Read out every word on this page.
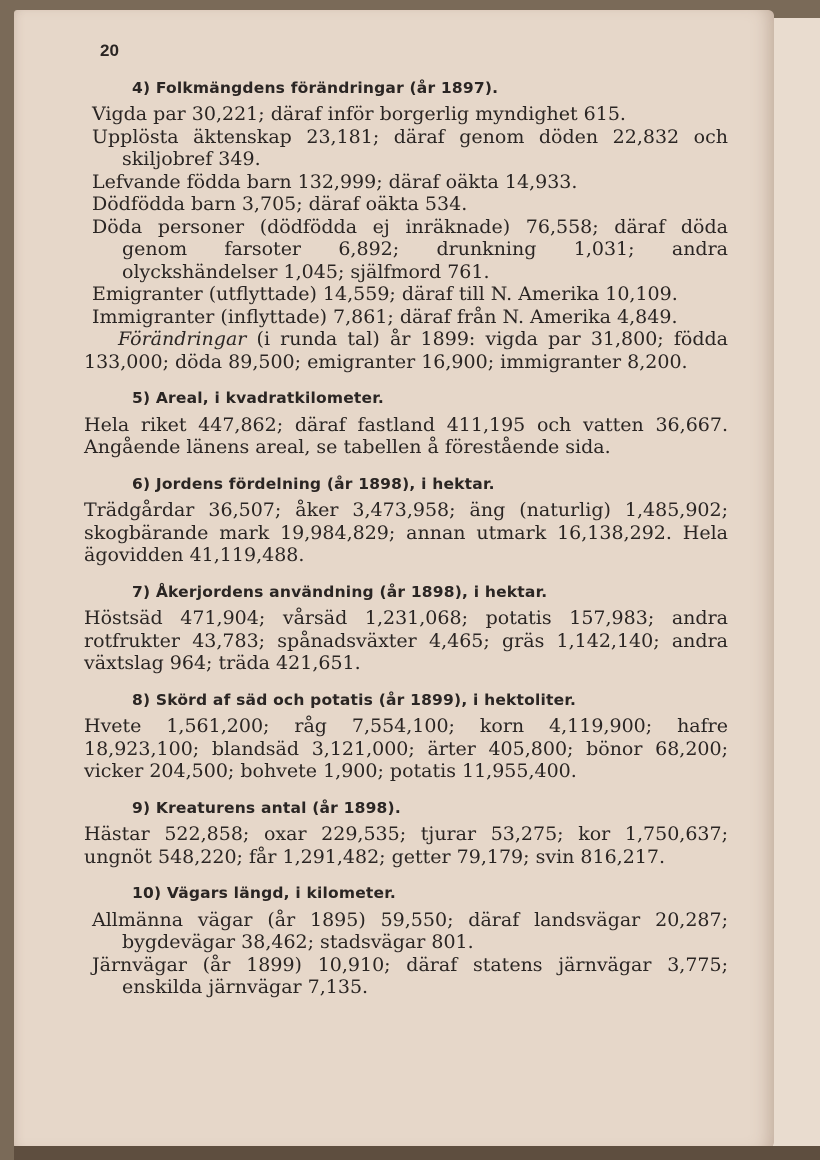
20
4) Folkmängdens förändringar (år 1897).
Vigda par 30,221; däraf inför borgerlig myndighet 615.
Upplösta äktenskap 23,181; däraf genom döden 22,832 och skiljobref 349.
Lefvande födda barn 132,999; däraf oäkta 14,933.
Dödfödda barn 3,705; däraf oäkta 534.
Döda personer (dödfödda ej inräknade) 76,558; däraf döda genom farsoter 6,892; drunkning 1,031; andra olyckshändelser 1,045; själfmord 761.
Emigranter (utflyttade) 14,559; däraf till N. Amerika 10,109.
Immigranter (inflyttade) 7,861; däraf från N. Amerika 4,849.
Förändringar (i runda tal) år 1899: vigda par 31,800; födda 133,000; döda 89,500; emigranter 16,900; immigranter 8,200.
5) Areal, i kvadratkilometer.
Hela riket 447,862; däraf fastland 411,195 och vatten 36,667. Angående länens areal, se tabellen å förestående sida.
6) Jordens fördelning (år 1898), i hektar.
Trädgårdar 36,507; åker 3,473,958; äng (naturlig) 1,485,902; skogbärande mark 19,984,829; annan utmark 16,138,292. Hela ägovidden 41,119,488.
7) Åkerjordens användning (år 1898), i hektar.
Höstsäd 471,904; vårsäd 1,231,068; potatis 157,983; andra rotfrukter 43,783; spånadsväxter 4,465; gräs 1,142,140; andra växtslag 964; träda 421,651.
8) Skörd af säd och potatis (år 1899), i hektoliter.
Hvete 1,561,200; råg 7,554,100; korn 4,119,900; hafre 18,923,100; blandsäd 3,121,000; ärter 405,800; bönor 68,200; vicker 204,500; bohvete 1,900; potatis 11,955,400.
9) Kreaturens antal (år 1898).
Hästar 522,858; oxar 229,535; tjurar 53,275; kor 1,750,637; ungnöt 548,220; får 1,291,482; getter 79,179; svin 816,217.
10) Vägars längd, i kilometer.
Allmänna vägar (år 1895) 59,550; däraf landsvägar 20,287; bygdevägar 38,462; stadsvägar 801.
Järnvägar (år 1899) 10,910; däraf statens järnvägar 3,775; enskilda järnvägar 7,135.
